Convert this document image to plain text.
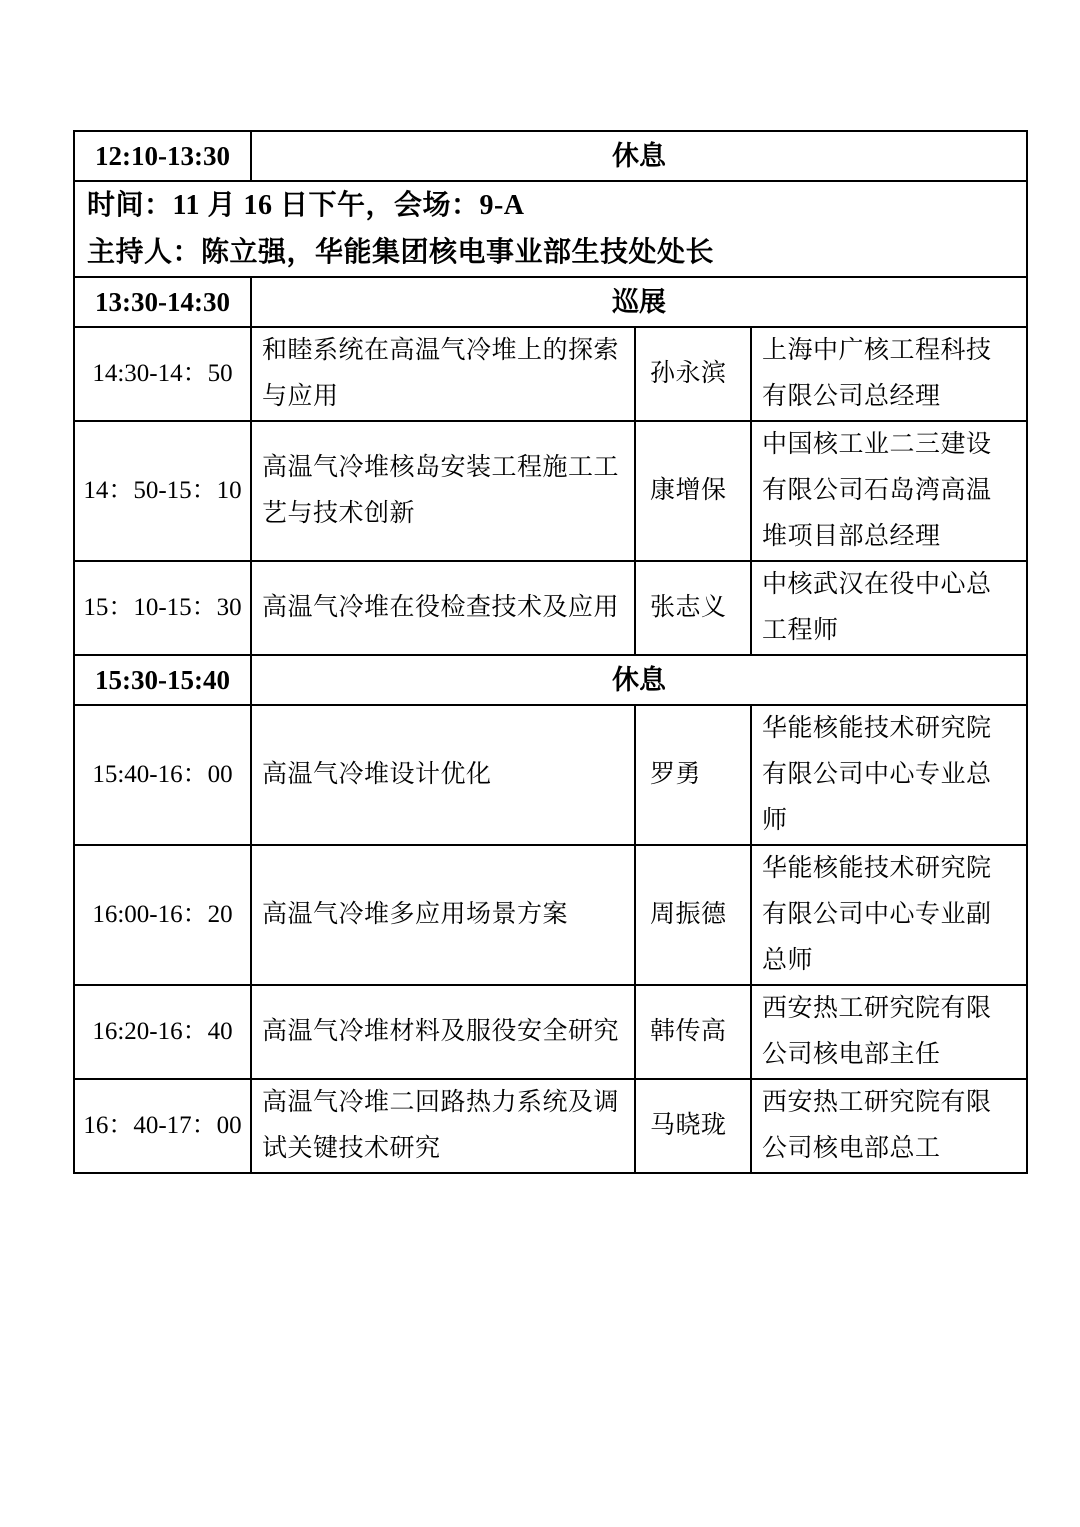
12:10-13:30	休息		

时间：11 月 16 日下午，会场：9-A
主持人：陈立强，华能集团核电事业部生技处处长			

13:30-14:30	巡展		
14:30-14：50	和睦系统在高温气冷堆上的探索与应用	孙永滨	上海中广核工程科技有限公司总经理
14：50-15：10	高温气冷堆核岛安装工程施工工艺与技术创新	康增保	中国核工业二三建设有限公司石岛湾高温堆项目部总经理
15：10-15：30	高温气冷堆在役检查技术及应用	张志义	中核武汉在役中心总工程师
15:30-15:40	休息		
15:40-16：00	高温气冷堆设计优化	罗勇	华能核能技术研究院有限公司中心专业总师
16:00-16：20	高温气冷堆多应用场景方案	周振德	华能核能技术研究院有限公司中心专业副总师
16:20-16：40	高温气冷堆材料及服役安全研究	韩传高	西安热工研究院有限公司核电部主任
16：40-17：00	高温气冷堆二回路热力系统及调试关键技术研究	马晓珑	西安热工研究院有限公司核电部总工
